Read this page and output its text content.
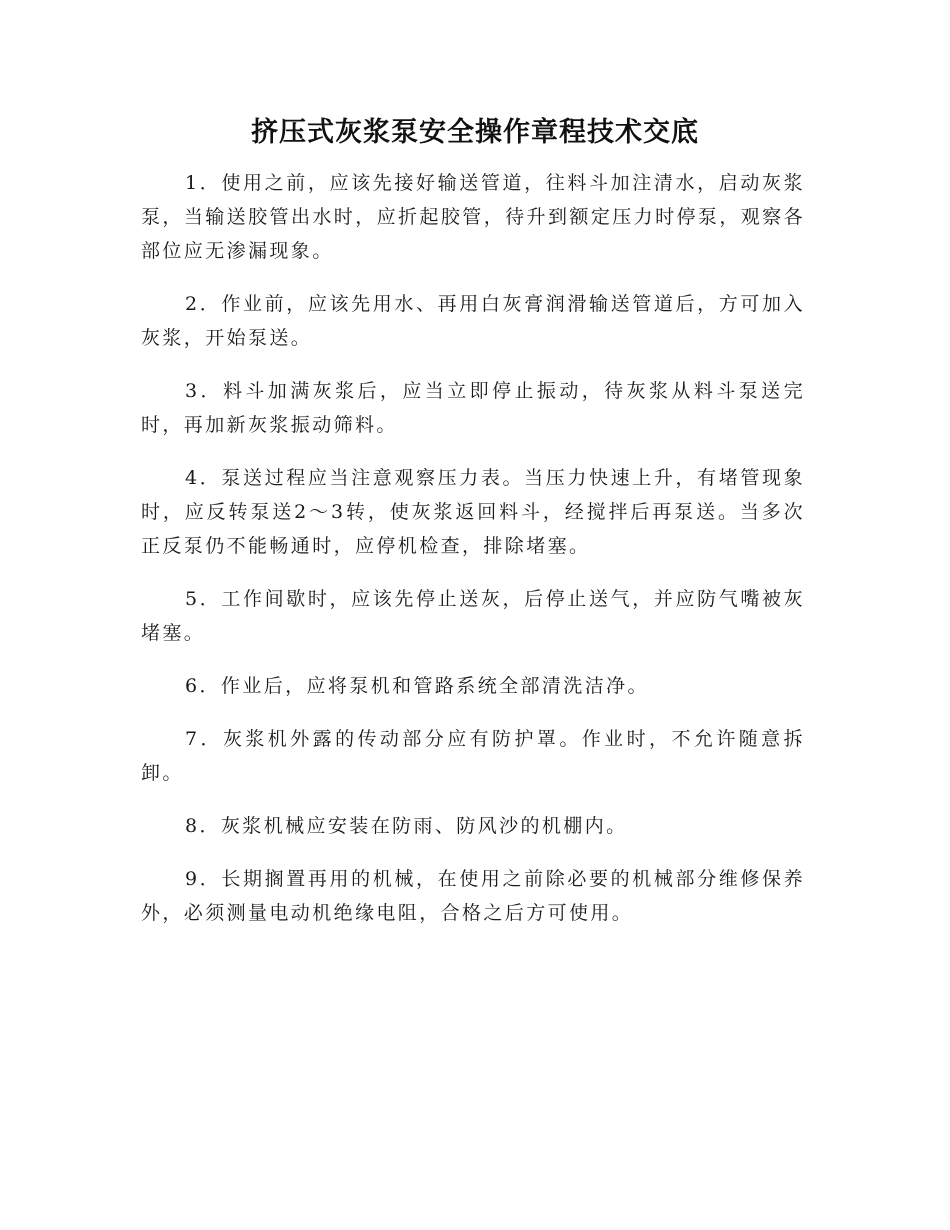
挤压式灰浆泵安全操作章程技术交底

1．使用之前，应该先接好输送管道，往料斗加注清水，启动灰浆泵，当输送胶管出水时，应折起胶管，待升到额定压力时停泵，观察各部位应无渗漏现象。

2．作业前，应该先用水、再用白灰膏润滑输送管道后，方可加入灰浆，开始泵送。

3．料斗加满灰浆后，应当立即停止振动，待灰浆从料斗泵送完时，再加新灰浆振动筛料。

4．泵送过程应当注意观察压力表。当压力快速上升，有堵管现象时，应反转泵送2～3转，使灰浆返回料斗，经搅拌后再泵送。当多次正反泵仍不能畅通时，应停机检查，排除堵塞。

5．工作间歇时，应该先停止送灰，后停止送气，并应防气嘴被灰堵塞。

6．作业后，应将泵机和管路系统全部清洗洁净。

7．灰浆机外露的传动部分应有防护罩。作业时，不允许随意拆卸。

8．灰浆机械应安装在防雨、防风沙的机棚内。

9．长期搁置再用的机械，在使用之前除必要的机械部分维修保养外，必须测量电动机绝缘电阻，合格之后方可使用。
